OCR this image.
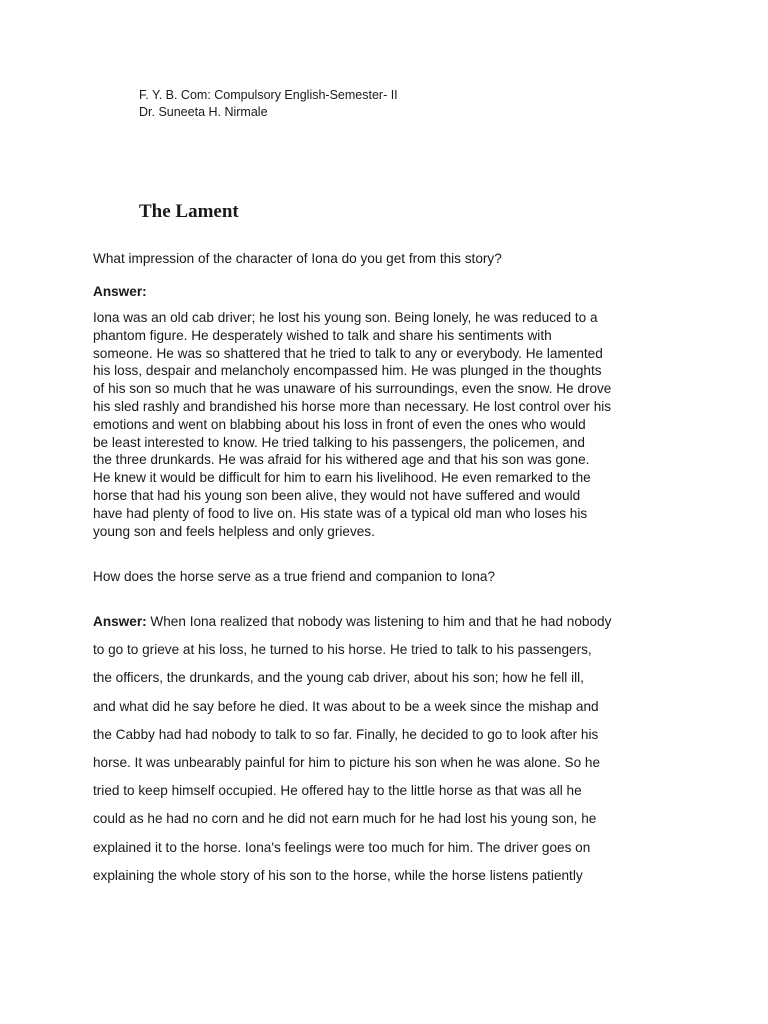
F. Y. B. Com: Compulsory English-Semester- II
Dr. Suneeta H. Nirmale
The Lament

What impression of the character of Iona do you get from this story?

Answer:

Iona was an old cab driver; he lost his young son. Being lonely, he was reduced to a
phantom figure. He desperately wished to talk and share his sentiments with
someone. He was so shattered that he tried to talk to any or everybody. He lamented
his loss, despair and melancholy encompassed him. He was plunged in the thoughts
of his son so much that he was unaware of his surroundings, even the snow. He drove
his sled rashly and brandished his horse more than necessary. He lost control over his
emotions and went on blabbing about his loss in front of even the ones who would
be least interested to know. He tried talking to his passengers, the policemen, and
the three drunkards. He was afraid for his withered age and that his son was gone.
He knew it would be difficult for him to earn his livelihood. He even remarked to the
horse that had his young son been alive, they would not have suffered and would
have had plenty of food to live on. His state was of a typical old man who loses his
young son and feels helpless and only grieves.

How does the horse serve as a true friend and companion to Iona?

Answer: When Iona realized that nobody was listening to him and that he had nobody
to go to grieve at his loss, he turned to his horse. He tried to talk to his passengers,
the officers, the drunkards, and the young cab driver, about his son; how he fell ill,
and what did he say before he died. It was about to be a week since the mishap and
the Cabby had had nobody to talk to so far. Finally, he decided to go to look after his
horse. It was unbearably painful for him to picture his son when he was alone. So he
tried to keep himself occupied. He offered hay to the little horse as that was all he
could as he had no corn and he did not earn much for he had lost his young son, he
explained it to the horse. Iona's feelings were too much for him. The driver goes on
explaining the whole story of his son to the horse, while the horse listens patiently
